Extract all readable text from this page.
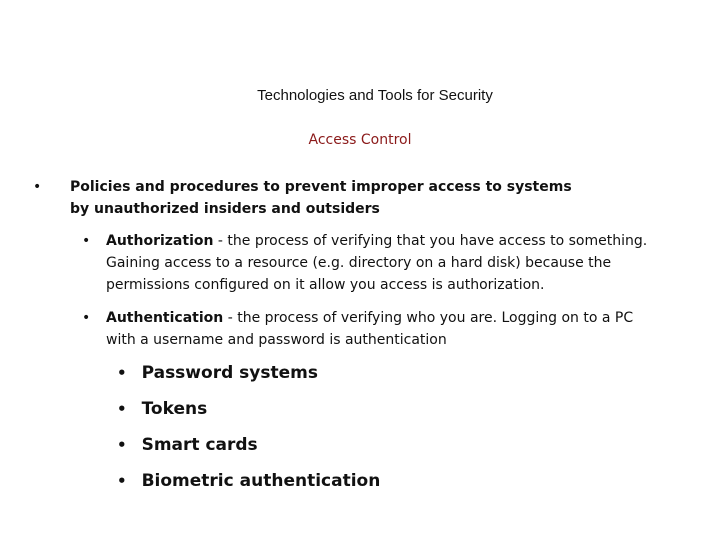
Technologies and Tools for Security
Access Control
• Policies and procedures to prevent improper access to systems by unauthorized insiders and outsiders
• Authorization - the process of verifying that you have access to something. Gaining access to a resource (e.g. directory on a hard disk) because the permissions configured on it allow you access is authorization.
• Authentication - the process of verifying who you are. Logging on to a PC with a username and password is authentication
• Password systems
• Tokens
• Smart cards
• Biometric authentication
